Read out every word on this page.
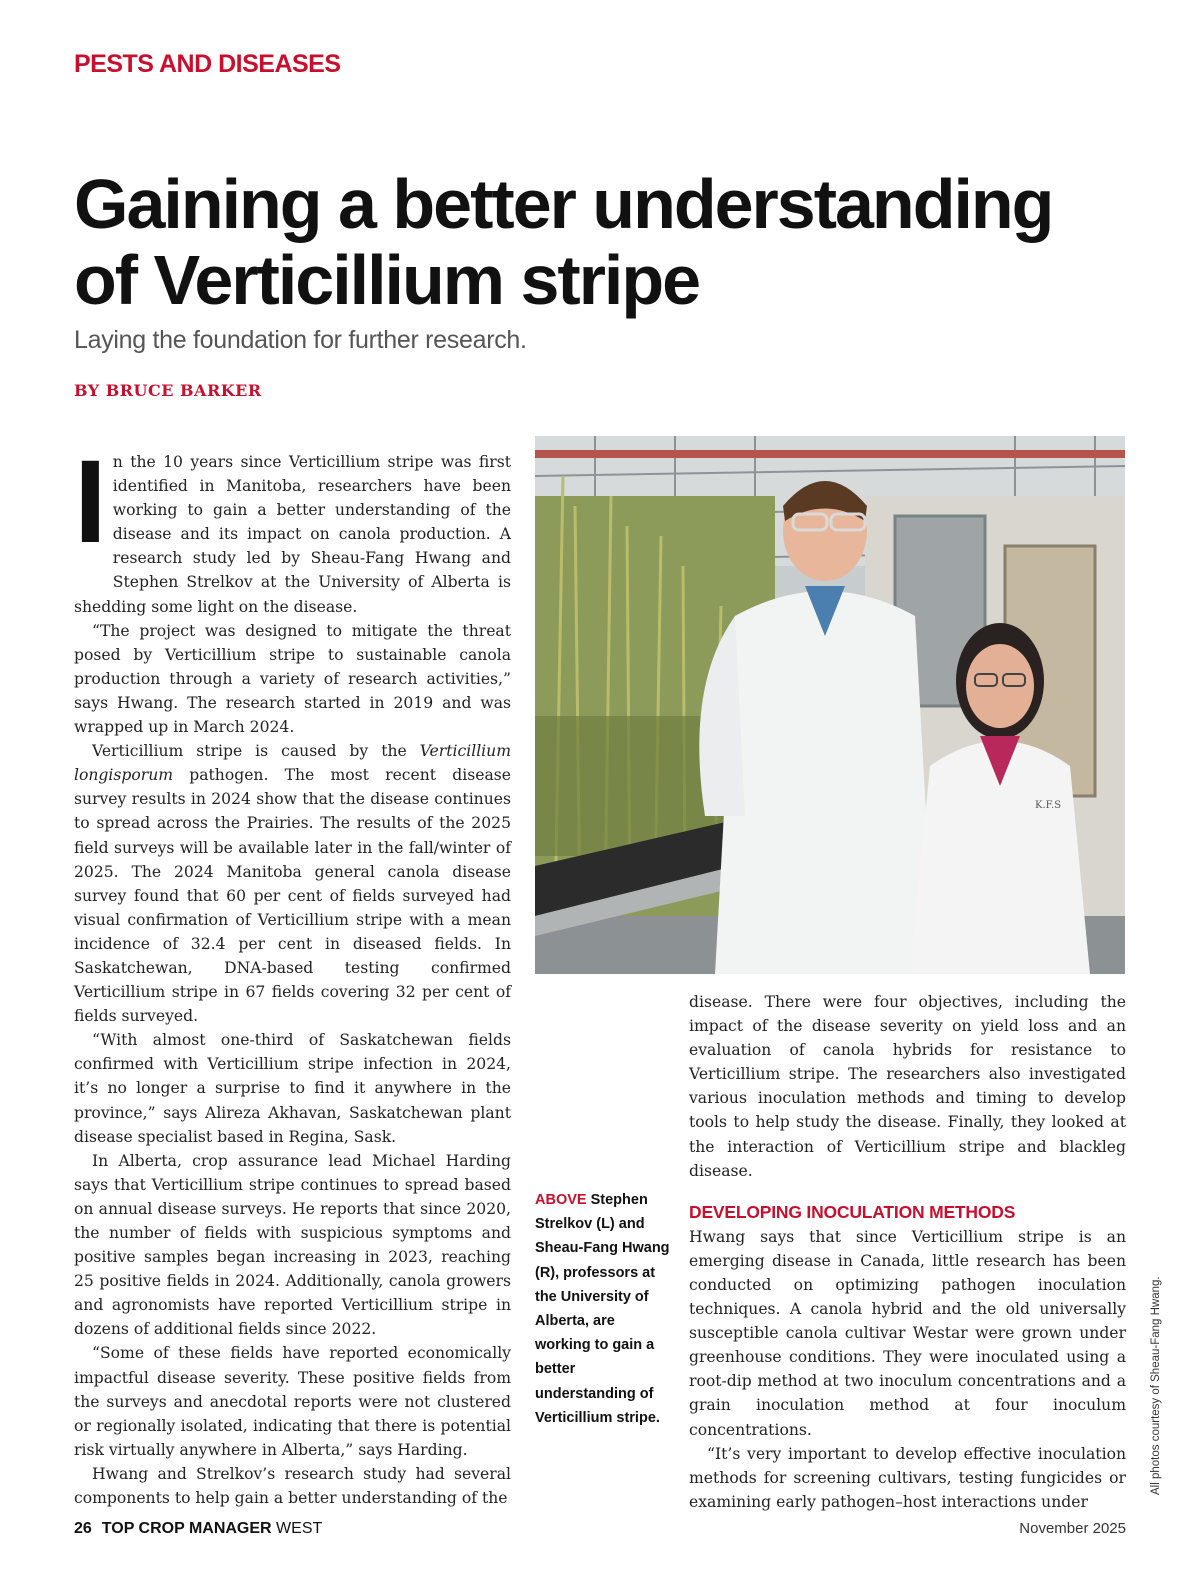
PESTS AND DISEASES
Gaining a better understanding
of Verticillium stripe
Laying the foundation for further research.
BY BRUCE BARKER

In the 10 years since Verticillium stripe was first identified in Manitoba, researchers have been working to gain a better understanding of the disease and its impact on canola production. A research study led by Sheau-Fang Hwang and Stephen Strelkov at the University of Alberta is shedding some light on the disease.

“The project was designed to mitigate the threat posed by Verticillium stripe to sustainable canola production through a variety of research activities,” says Hwang. The research started in 2019 and was wrapped up in March 2024.

Verticillium stripe is caused by the Verticillium longisporum pathogen. The most recent disease survey results in 2024 show that the disease continues to spread across the Prairies. The results of the 2025 field surveys will be available later in the fall/winter of 2025. The 2024 Manitoba general canola disease survey found that 60 per cent of fields surveyed had visual confirmation of Verticillium stripe with a mean incidence of 32.4 per cent in diseased fields. In Saskatchewan, DNA-based testing confirmed Verticillium stripe in 67 fields covering 32 per cent of fields surveyed.

“With almost one-third of Saskatchewan fields confirmed with Verticillium stripe infection in 2024, it’s no longer a surprise to find it anywhere in the province,” says Alireza Akhavan, Saskatchewan plant disease specialist based in Regina, Sask.

In Alberta, crop assurance lead Michael Harding says that Verticillium stripe continues to spread based on annual disease surveys. He reports that since 2020, the number of fields with suspicious symptoms and positive samples began increasing in 2023, reaching 25 positive fields in 2024. Additionally, canola growers and agronomists have reported Verticillium stripe in dozens of additional fields since 2022.

“Some of these fields have reported economically impactful disease severity. These positive fields from the surveys and anecdotal reports were not clustered or regionally isolated, indicating that there is potential risk virtually anywhere in Alberta,” says Harding.

Hwang and Strelkov’s research study had several components to help gain a better understanding of the

K.F.S
ABOVE Stephen Strelkov (L) and Sheau-Fang Hwang (R), professors at the University of Alberta, are working to gain a better understanding of Verticillium stripe.

disease. There were four objectives, including the impact of the disease severity on yield loss and an evaluation of canola hybrids for resistance to Verticillium stripe. The researchers also investigated various inoculation methods and timing to develop tools to help study the disease. Finally, they looked at the interaction of Verticillium stripe and blackleg disease.

DEVELOPING INOCULATION METHODS

Hwang says that since Verticillium stripe is an emerging disease in Canada, little research has been conducted on optimizing pathogen inoculation techniques. A canola hybrid and the old universally susceptible canola cultivar Westar were grown under greenhouse conditions. They were inoculated using a root-dip method at two inoculum concentrations and a grain inoculation method at four inoculum concentrations.

“It’s very important to develop effective inoculation methods for screening cultivars, testing fungicides or examining early pathogen–host interactions under

All photos courtesy of Sheau-Fang Hwang.
26 TOP CROP MANAGER WEST	November 2025
